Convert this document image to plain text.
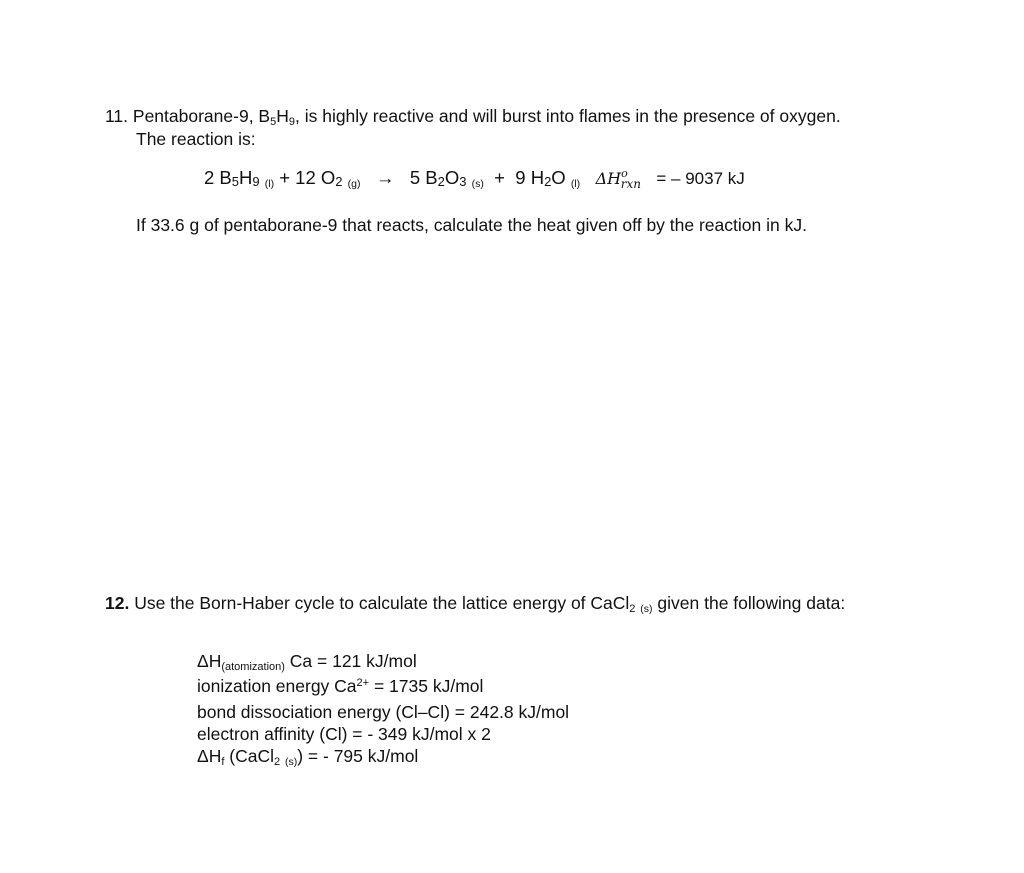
11. Pentaborane-9, B5H9, is highly reactive and will burst into flames in the presence of oxygen.
The reaction is:
2 B5H9 (l) + 12 O2 (g) → 5 B2O3 (s) + 9 H2O (l) $\Delta H^o_{rxn}$ = – 9037 kJ
If 33.6 g of pentaborane-9 that reacts, calculate the heat given off by the reaction in kJ.
12. Use the Born-Haber cycle to calculate the lattice energy of CaCl2 (s) given the following data:
ΔH(atomization) Ca = 121 kJ/mol
ionization energy $Ca^{2+} = 1735$ kJ/mol
bond dissociation energy (Cl–Cl) = 242.8 kJ/mol
electron affinity (Cl) = - 349 kJ/mol x 2
ΔHf (CaCl2 (s)) = - 795 kJ/mol
